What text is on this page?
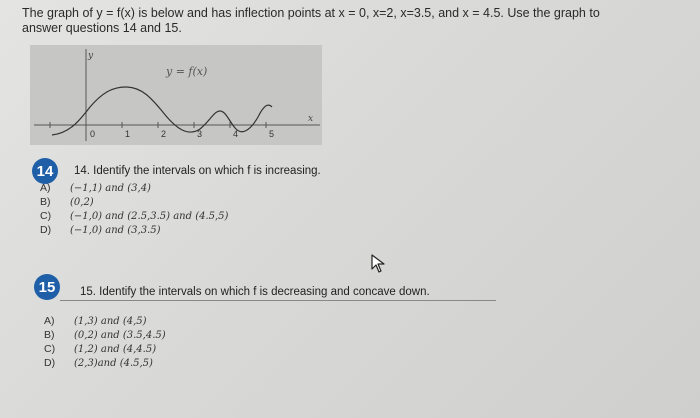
The graph of y = f(x) is below and has inflection points at x = 0, x=2, x=3.5, and x = 4.5. Use the graph to
answer questions 14 and 15.
0	1	2	3	4	5
y
x
y = f(x)
14	14. Identify the intervals on which f is increasing.
A) (−1,1) and (3,4)
B) (0,2)
C) (−1,0) and (2.5,3.5) and (4.5,5)
D) (−1,0) and (3,3.5)
15	15. Identify the intervals on which f is decreasing and concave down.
A) (1,3) and (4,5)
B) (0,2) and (3.5,4.5)
C) (1,2) and (4,4.5)
D) (2,3)and (4.5,5)
